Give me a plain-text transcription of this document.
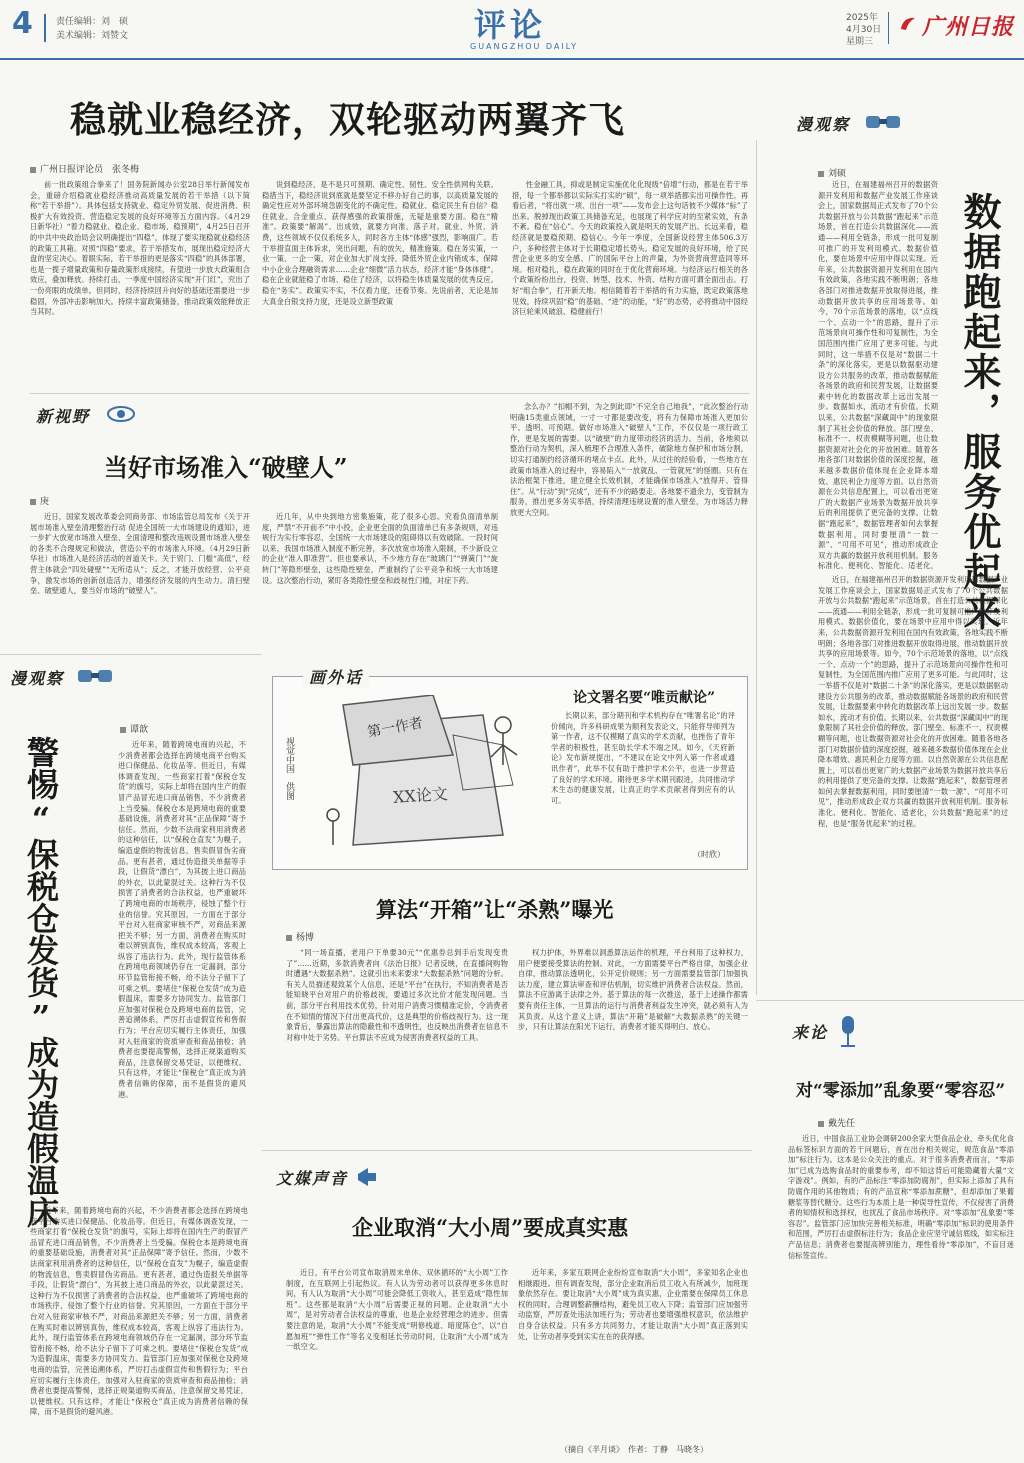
4	责任编辑：刘　硕
美术编辑：刘赞文	评论
GUANGZHOU DAILY
2025年
4月30日
星期三
广州日报
稳就业稳经济，双轮驱动两翼齐飞
广州日报评论员　张冬梅

前一批政策组合拳来了！国务院新闻办公室28日举行新闻发布会，重磅介绍稳就业稳经济推动高质量发展的若干举措（以下简称“若干举措”）。具体包括支持就业、稳定外贸发展、促进消费、积极扩大有效投资、营造稳定发展的良好环境等五方面内容。（4月29日新华社）“着力稳就业、稳企业、稳市场、稳预期”，4月25日召开的中共中央政治局会议明确提出“四稳”，体现了要实现稳就业稳经济的政策工具箱。对照“四稳”要求，若干举措发布，展现出稳定经济大盘的坚定决心。着眼实际，若干举措的更是落实“四稳”的具体部署，也是一揽子增量政策和存量政策形成接续，有望进一步放大政策组合效应，叠加释放。持续打击，一季度中国经济实现“开门红”，究出了一份亮眼的成绩单。但同时，经济持续回升向好的基础还需要进一步稳固，外部冲击影响加大。持续丰富政策储备，推动政策效能释放正当其时。

说到稳经济，是不是只可预期、确定性、韧性、安全性供网构关联。稳措当下，稳经济说到底就是要坚定不移办好自己的事，以高质量发展的确定性应对外部环境急剧变化的不确定性。稳就业、稳定民生有自信？稳住就业、合金重点、获得感强的政策措施，无疑是重要方面。稳在“精准”。政策要“解渴”、出成效，就要方向准、落子对。就业、外贸、消费，这些领域不仅仅系统多人，同时各方主体“体感”强烈，影响面广。若干举措直面主体诉求，突出问题，有的放矢，精准施策。稳在务实策，一业一策、一企一策，对企业加大扩岗支持，降低外贸企业内销成本，保障中小企业合理融资需求……企业“细微”活力状态，经济才能“身体体健”。稳在企业就能稳了市场、稳住了经济，以将稳生体质量发展的优秀反应。稳在“务实”。政策实不实，不仅看力度，还看节奏。先说前者，无论是加大真金白银支持力度，还是设立新型政策

性金融工具，抑或是制定实施优化化现级“倍增”行动，都是在若干举措，每一个都举都以实际实打实的“硕”，每一项举措都实出可操作性。再看后者，“将出就一项、出台一项”——发布会上这句话彼不少媒体“标”了出来。脱掉现出政策工具储备充足，也展现了科学应对的至紧实效，有条不紊。稳在“信心”。今天的政策投入就是明天的发展产出。长远来看，稳经济就是要稳预期、稳信心。今年一季度，全国新设经营主体506.3万户，多种经营主体对于长期稳定增长势头。稳定发展的良好环境，给了民营企业更多的安全感、广的国际平台上的声量，为外资营商营造同等环境。相对稳扎，稳在政策的同时在于优化营商环境。与经济运行相关的各个政策纷纷出台，投资、转型、技术、外资、结构方面可谓全面出击。打好“组合拳”，打开新天地。相信随着若干举措的有力实施，既定政策落地见效，持续巩固“稳”的基础、“进”的动能，“好”的态势，必将推动中国经济巨轮乘风破浪、稳健前行！

漫观察
刘硕

近日，在福建福州召开的数据资源开发利用和数据产业发展工作座谈会上，国家数据局正式发布了70个公共数据开放与公共数据“跑起来”示范场景，首在打造公共数据深化——流通——利用全链条，形成一批可复制可推广的开发利用模式。数据价值化，要在场景中应用中得以实现。近年来，公共数据资源开发利用在国内有效政策，各地实践不断明朗；各地各部门对推进数据开放取得进展，推动数据开放共享的应用场景等。如今，70个示范场景的落地，以“点线一个、点动一个”的思路，提升了示范场景向可操作性和可复制性，为全国范围内推广应用了更多可能。与此同时，这一举措不仅是对“数据二十条”的深化落实，更是以数据驱动建设方公共服务的改革，推动数据赋能各场景的政府和民营发展，让数据要素中转化的数据改革上远出发展一步。数据如水，流动才有价值。长期以来，公共数据“深藏闺中”的现象限制了其社会价值的释放。部门壁垒、标准不一、权责模糊等问题，也让数据资源对社会化的开放困难。随着各地各部门对数据价值的深度挖掘，越来越多数据价值体现在企业降本增效、惠民利企力度等方面。以自然资源在公共信息配置上，可以看出更宽广的大数据产业场景为数据开放共享后的利用提供了更完备的支撑。让数据“跑起来”，数据管理者如何去掌握数据利用，同时要厘清“一数一源”、“可用不可见”，推动形成政企双方共赢的数据开放利用机制。服务标准化、便利化、智能化、适老化， 数据跑起来，服务优起来

近日，在福建福州召开的数据资源开发利用和数据产业发展工作座谈会上，国家数据局正式发布了70个公共数据开放与公共数据“跑起来”示范场景，首在打造公共数据深化——流通——利用全链条，形成一批可复制可推广的开发利用模式。数据价值化，要在场景中应用中得以实现。近年来，公共数据资源开发利用在国内有效政策，各地实践不断明朗；各地各部门对推进数据开放取得进展，推动数据开放共享的应用场景等。如今，70个示范场景的落地，以“点线一个、点动一个”的思路，提升了示范场景向可操作性和可复制性，为全国范围内推广应用了更多可能。与此同时，这一举措不仅是对“数据二十条”的深化落实，更是以数据驱动建设方公共服务的改革，推动数据赋能各场景的政府和民营发展，让数据要素中转化的数据改革上远出发展一步。数据如水，流动才有价值。长期以来，公共数据“深藏闺中”的现象限制了其社会价值的释放。部门壁垒、标准不一、权责模糊等问题，也让数据资源对社会化的开放困难。随着各地各部门对数据价值的深度挖掘，越来越多数据价值体现在企业降本增效、惠民利企力度等方面。以自然资源在公共信息配置上，可以看出更宽广的大数据产业场景为数据开放共享后的利用提供了更完备的支撑。让数据“跑起来”，数据管理者如何去掌握数据利用，同时要厘清“一数一源”、“可用不可见”，推动形成政企双方共赢的数据开放利用机制。服务标准化、便利化、智能化、适老化，公共数据“跑起来”的过程，也是“服务优起来”的过程。

新视野
当好市场准入“破壁人”
庚

近日，国家发展改革委会同商务部、市场监管总局发布《关于开展市场准入壁垒清理整治行动 促进全国统一大市场建设的通知》，进一步扩大放宽市场准入壁垒、全面清理和整改违规设置市场准入壁垒的各类不合理规定和做法，营造公平的市场准入环境。（4月29日新华社）市场准入是经济活动的首道关卡。关于贸门、门槛“高低”，经营主体就会“四处碰壁”“无所适从”；反之，才能开放经营、公平竞争，激发市场的创新创造活力，增强经济发展的内生动力。清扫壁垒、破壁通人，要当好市场的“破壁人”。

近几年，从中央到地方密集施策，花了很多心思。究看负面清单制度，严禁“不开前不”中小投，企业更全面的负面清单已有多条规则，对违规行为实行零容忍，全国统一大市场建设的阻碍得以有效破除。一段时间以来，我国市场准入制度不断完善，多次放宽市场准入限制，不少新设立的企业“准入即准营”。但也要承认，不少地方存在“玻璃门”“弹簧门”“旋转门”等隐形壁垒，这些隐性壁垒，严重制约了公平竞争和统一大市场建设。这次整治行动，紧盯各类隐性壁垒和歧视性门槛，对症下药。

念么办？”扣帽不到，为之到此即“不完全自己地我”，“此次整治行动明确15类重点领域，一寸一寸都是要改变，将有力保障市场准入更加公平、透明、可预期。做好市场准入“破壁人”工作，不仅仅是一项行政工作，更是发展的需要。以“破壁”的力度带动经济的活力。当前，各地须以整治行动为契机，深入梳理不合理准入条件，破除地方保护和市场分割，切实打通制约经济循环的堵点卡点。此外，从过往的经验看，一些地方在政策市场准入的过程中，容易陷入“一放就乱、一管就死”的怪圈。只有在法治框架下推进，建立健全长效机制，才能确保市场准入“放得开、管得住”。从“行动”到“完成”，还有不少的路要走。各地要不遗余力，变管制为服务，推出更多务实举措，持续清理违规设置的准入壁垒，为市场活力释放更大空间。

漫观察
谭歆
警惕“保税仓发货”成为造假温床	近年来，随着跨境电商的兴起，不少消费者都会选择在跨境电商平台购买进口保健品、化妆品等。但近日，有媒体调查发现，一些商家打着“保税仓发货”的旗号，实际上却将在国内生产的假冒产品冒充进口商品销售，不少消费者上当受骗。保税仓本是跨境电商的重要基础设施，消费者对其“正品保障”寄予信任。然而，少数不法商家利用消费者的这种信任，以“保税仓直发”为幌子，编造虚假的物流信息，售卖假冒伪劣商品。更有甚者，通过伪造报关单据等手段，让假货“漂白”，为其披上进口商品的外衣，以此蒙混过关。这种行为不仅损害了消费者的合法权益，也严重破坏了跨境电商的市场秩序，侵蚀了整个行业的信誉。究其原因，一方面在于部分平台对入驻商家审核不严，对商品来源把关不够；另一方面，消费者在购买时难以辨别真伪，维权成本较高，客观上纵容了违法行为。此外，现行监管体系在跨境电商领域仍存在一定漏洞，部分环节监管衔接不畅，给不法分子留下了可乘之机。要堵住“保税仓发货”成为造假温床，需要多方协同发力。监管部门应加强对保税仓及跨境电商的监管，完善追溯体系，严厉打击虚假宣传和售假行为；平台应切实履行主体责任，加强对入驻商家的资质审查和商品抽检；消费者也要提高警惕，选择正规渠道购买商品，注意保留交易凭证，以便维权。只有这样，才能让“保税仓”真正成为消费者信赖的保障，而不是假货的避风港。

近年来，随着跨境电商的兴起，不少消费者都会选择在跨境电商平台购买进口保健品、化妆品等。但近日，有媒体调查发现，一些商家打着“保税仓发货”的旗号，实际上却将在国内生产的假冒产品冒充进口商品销售，不少消费者上当受骗。保税仓本是跨境电商的重要基础设施，消费者对其“正品保障”寄予信任。然而，少数不法商家利用消费者的这种信任，以“保税仓直发”为幌子，编造虚假的物流信息，售卖假冒伪劣商品。更有甚者，通过伪造报关单据等手段，让假货“漂白”，为其披上进口商品的外衣，以此蒙混过关。这种行为不仅损害了消费者的合法权益，也严重破坏了跨境电商的市场秩序，侵蚀了整个行业的信誉。究其原因，一方面在于部分平台对入驻商家审核不严，对商品来源把关不够；另一方面，消费者在购买时难以辨别真伪，维权成本较高，客观上纵容了违法行为。此外，现行监管体系在跨境电商领域仍存在一定漏洞，部分环节监管衔接不畅，给不法分子留下了可乘之机。要堵住“保税仓发货”成为造假温床，需要多方协同发力。监管部门应加强对保税仓及跨境电商的监管，完善追溯体系，严厉打击虚假宣传和售假行为；平台应切实履行主体责任，加强对入驻商家的资质审查和商品抽检；消费者也要提高警惕，选择正规渠道购买商品，注意保留交易凭证，以便维权。只有这样，才能让“保税仓”真正成为消费者信赖的保障，而不是假货的避风港。

画外话
第一作者
XX论文
视觉中国　供图
论文署名要“唯贡献论”

长期以来，部分期刊和学术机构存在“唯署名论”的评价倾向，许多科研成果为顺利发表论文，只能将导师列为第一作者，这不仅模糊了真实的学术贡献，也挫伤了青年学者的积极性，甚至助长学术不端之风。如今，《天府新论》发布新规提出，“不建议在论文中列入第一作者或通讯作者”，此举不仅有助于维护学术公平，也进一步营造了良好的学术环境。期待更多学术期刊跟进，共同推动学术生态的健康发展，让真正的学术贡献者得到应有的认可。

（时欣）
算法“开箱”让“杀熟”曝光
杨博

“同一场直播，老用户下单要30元”“优惠券总到手后发现变贵了”……近期，多款消费者向《法治日报》记者反映，在直播间购物时遭遇“大数据杀熟”。这就引出未来要求“大数据杀熟”问题的分析。有关人员描述观致某个人信息，还是“平台”在执行，不知消费者是否能知晓平台对用户的价格歧视，要通过多次比价才能发现问题。当前，部分平台利用技术优势，针对用户消费习惯精准定价，令消费者在不知情的情况下付出更高代价，这是典型的价格歧视行为。这一现象背后，暴露出算法的隐蔽性和不透明性，也反映出消费者在信息不对称中处于劣势。平台算法不应成为侵害消费者权益的工具。

权力护体，外界难以洞悉算法运作的机理，平台利用了这种权力，用户便要接受算法的控制。对此，一方面需要平台严格自律，加强企业自律，推动算法透明化，公开定价规则；另一方面需要监管部门加强执法力度，建立算法审查和评估机制，切实维护消费者合法权益。然而，算法不应游离于法律之外。基于算法的每一次推送，基于上述操作都需要有责任主体，一旦算法的运行与消费者利益发生冲突，就必须有人为其负责。从这个意义上讲，算法“开箱”是破解“大数据杀熟”的关键一步，只有让算法在阳光下运行，消费者才能买得明白、放心。

文媒声音
企业取消“大小周”要成真实惠

近日，有平台公司宣布取消周末单休、双休循环的“大小周”工作制度，在互联网上引起热议。有人认为劳动者可以获得更多休息时间，有人认为取消“大小周”可能会降低工资收入，甚至造成“隐性加班”。这些都是取消“大小周”后需要正视的问题。企业取消“大小周”，是对劳动者合法权益的尊重，也是企业经营理念的进步。但需要注意的是，取消“大小周”不能变成“明修栈道、暗度陈仓”，以“自愿加班”“弹性工作”等名义变相延长劳动时间，让取消“大小周”成为一纸空文。

近年来，多家互联网企业纷纷宣布取消“大小周”，多家知名企业也相继跟进。但有调查发现，部分企业取消后员工收入有所减少，加班现象依然存在。要让取消“大小周”成为真实惠，企业需要在保障员工休息权的同时，合理调整薪酬结构，避免员工收入下降；监管部门应加强劳动监察，严厉查处违法加班行为；劳动者也要增强维权意识，依法维护自身合法权益。只有多方共同努力，才能让取消“大小周”真正落到实处，让劳动者享受到实实在在的获得感。

（摘自《半月谈》　作者：丁静　马晓冬）
来论
对“零添加”乱象要“零容忍”
戴先任

近日，中国食品工业协会调研200余家大型食品企业，牵头优化食品标签标识方面的若干问题后，首在出台相关规定，规范食品“零添加”标注行为。这本是公众关注的重点。对于很多消费者而言，“零添加”已成为选购食品时的重要参考，却不知这背后可能隐藏着大量“文字游戏”。例如，有的产品标注“零添加防腐剂”，但实际上添加了具有防腐作用的其他物质；有的产品宣称“零添加蔗糖”，但却添加了果葡糖浆等替代糖分。这些行为本质上是一种误导性宣传，不仅侵害了消费者的知情权和选择权，也扰乱了食品市场秩序。对“零添加”乱象要“零容忍”。监管部门应加快完善相关标准，明确“零添加”标识的使用条件和范围，严厉打击虚假标注行为；食品企业应坚守诚信底线，如实标注产品信息；消费者也要提高辨别能力，理性看待“零添加”，不盲目迷信标签宣传。
